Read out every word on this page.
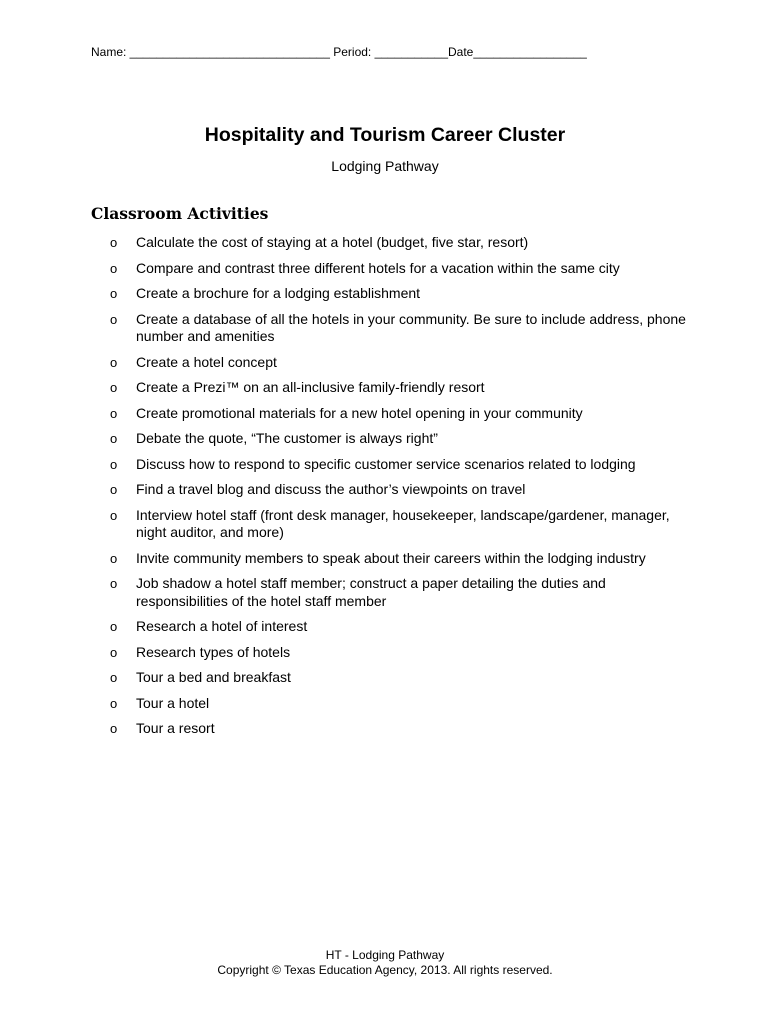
Name: ______________________________ Period: ___________Date_________________
Hospitality and Tourism Career Cluster
Lodging Pathway
Classroom Activities
o	Calculate the cost of staying at a hotel (budget, five star, resort)
o	Compare and contrast three different hotels for a vacation within the same city
o	Create a brochure for a lodging establishment
o	Create a database of all the hotels in your community. Be sure to include address, phone number and amenities
o	Create a hotel concept
o	Create a Prezi™ on an all-inclusive family-friendly resort
o	Create promotional materials for a new hotel opening in your community
o	Debate the quote, “The customer is always right”
o	Discuss how to respond to specific customer service scenarios related to lodging
o	Find a travel blog and discuss the author’s viewpoints on travel
o	Interview hotel staff (front desk manager, housekeeper, landscape/gardener, manager, night auditor, and more)
o	Invite community members to speak about their careers within the lodging industry
o	Job shadow a hotel staff member; construct a paper detailing the duties and responsibilities of the hotel staff member
o	Research a hotel of interest
o	Research types of hotels
o	Tour a bed and breakfast
o	Tour a hotel
o	Tour a resort
HT - Lodging Pathway
Copyright © Texas Education Agency, 2013. All rights reserved.
